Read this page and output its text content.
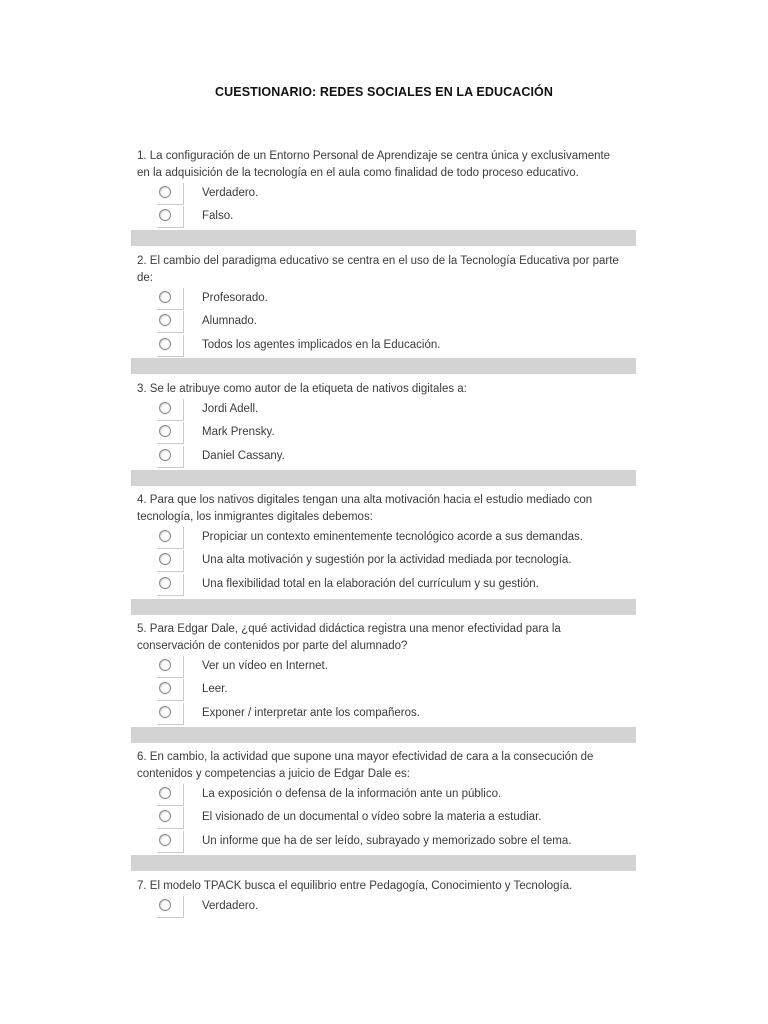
CUESTIONARIO: REDES SOCIALES EN LA EDUCACIÓN

1. La configuración de un Entorno Personal de Aprendizaje se centra única y exclusivamente
en la adquisición de la tecnología en el aula como finalidad de todo proceso educativo.

Verdadero.
Falso.

2. El cambio del paradigma educativo se centra en el uso de la Tecnología Educativa por parte
de:

Profesorado.
Alumnado.
Todos los agentes implicados en la Educación.

3. Se le atribuye como autor de la etiqueta de nativos digitales a:

Jordi Adell.
Mark Prensky.
Daniel Cassany.

4. Para que los nativos digitales tengan una alta motivación hacia el estudio mediado con
tecnología, los inmigrantes digitales debemos:

Propiciar un contexto eminentemente tecnológico acorde a sus demandas.
Una alta motivación y sugestión por la actividad mediada por tecnología.
Una flexibilidad total en la elaboración del currículum y su gestión.

5. Para Edgar Dale, ¿qué actividad didáctica registra una menor efectividad para la
conservación de contenidos por parte del alumnado?

Ver un vídeo en Internet.
Leer.
Exponer / interpretar ante los compañeros.

6. En cambio, la actividad que supone una mayor efectividad de cara a la consecución de
contenidos y competencias a juicio de Edgar Dale es:

La exposición o defensa de la información ante un público.
El visionado de un documental o vídeo sobre la materia a estudiar.
Un informe que ha de ser leído, subrayado y memorizado sobre el tema.

7. El modelo TPACK busca el equilibrio entre Pedagogía, Conocimiento y Tecnología.

Verdadero.
